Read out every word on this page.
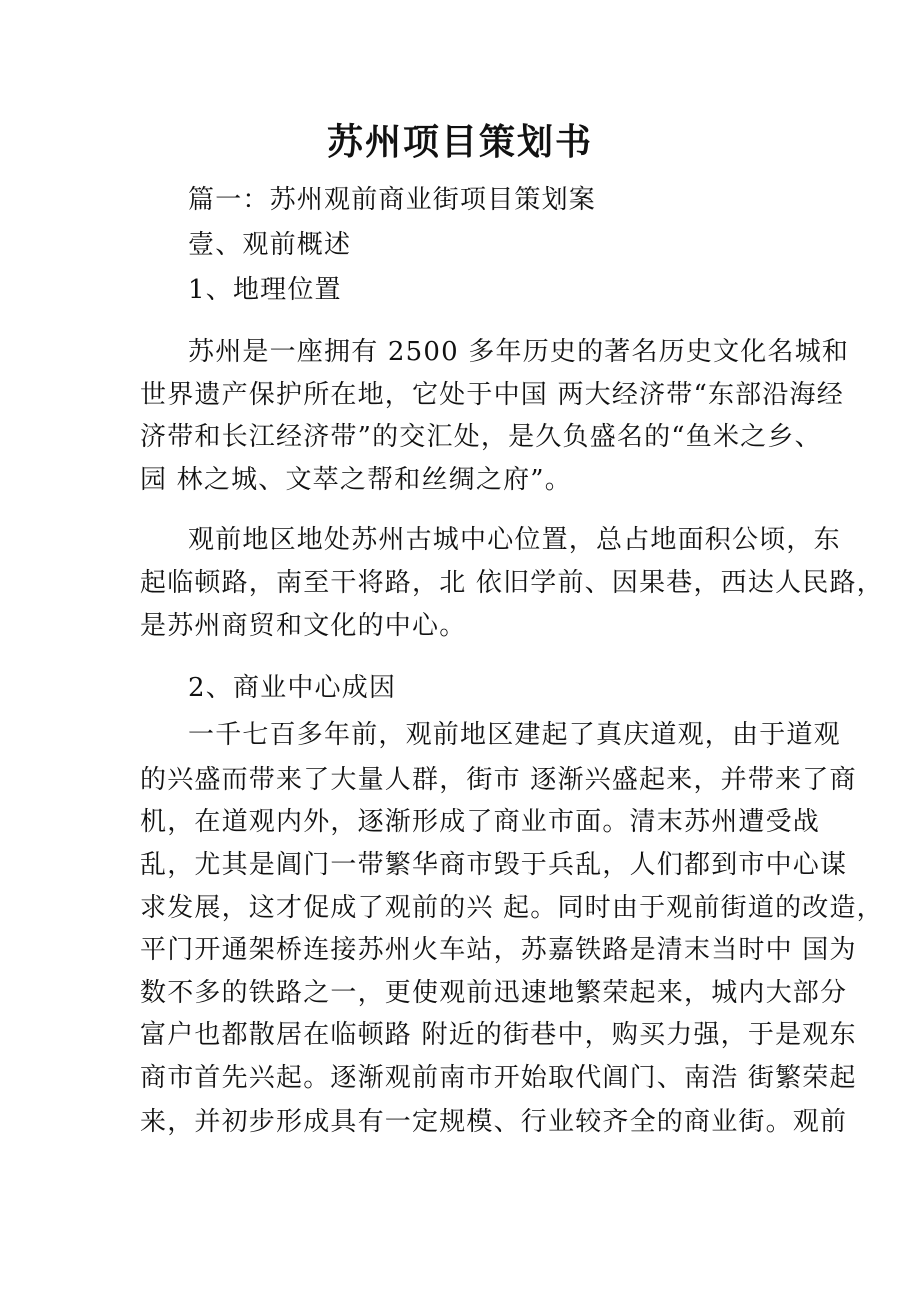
苏州项目策划书
篇一：苏州观前商业街项目策划案
壹、观前概述
1、地理位置
苏州是一座拥有 2500 多年历史的著名历史文化名城和
世界遗产保护所在地，它处于中国 两大经济带“东部沿海经
济带和长江经济带”的交汇处，是久负盛名的“鱼米之乡、
园 林之城、文萃之帮和丝绸之府”。
观前地区地处苏州古城中心位置，总占地面积公顷，东
起临顿路，南至干将路，北 依旧学前、因果巷，西达人民路，
是苏州商贸和文化的中心。
2、商业中心成因
一千七百多年前，观前地区建起了真庆道观，由于道观
的兴盛而带来了大量人群，街市 逐渐兴盛起来，并带来了商
机，在道观内外，逐渐形成了商业市面。清末苏州遭受战
乱，尤其是阊门一带繁华商市毁于兵乱，人们都到市中心谋
求发展，这才促成了观前的兴 起。同时由于观前街道的改造，
平门开通架桥连接苏州火车站，苏嘉铁路是清末当时中 国为
数不多的铁路之一，更使观前迅速地繁荣起来，城内大部分
富户也都散居在临顿路 附近的街巷中，购买力强，于是观东
商市首先兴起。逐渐观前南市开始取代阊门、南浩 街繁荣起
来，并初步形成具有一定规模、行业较齐全的商业街。观前
